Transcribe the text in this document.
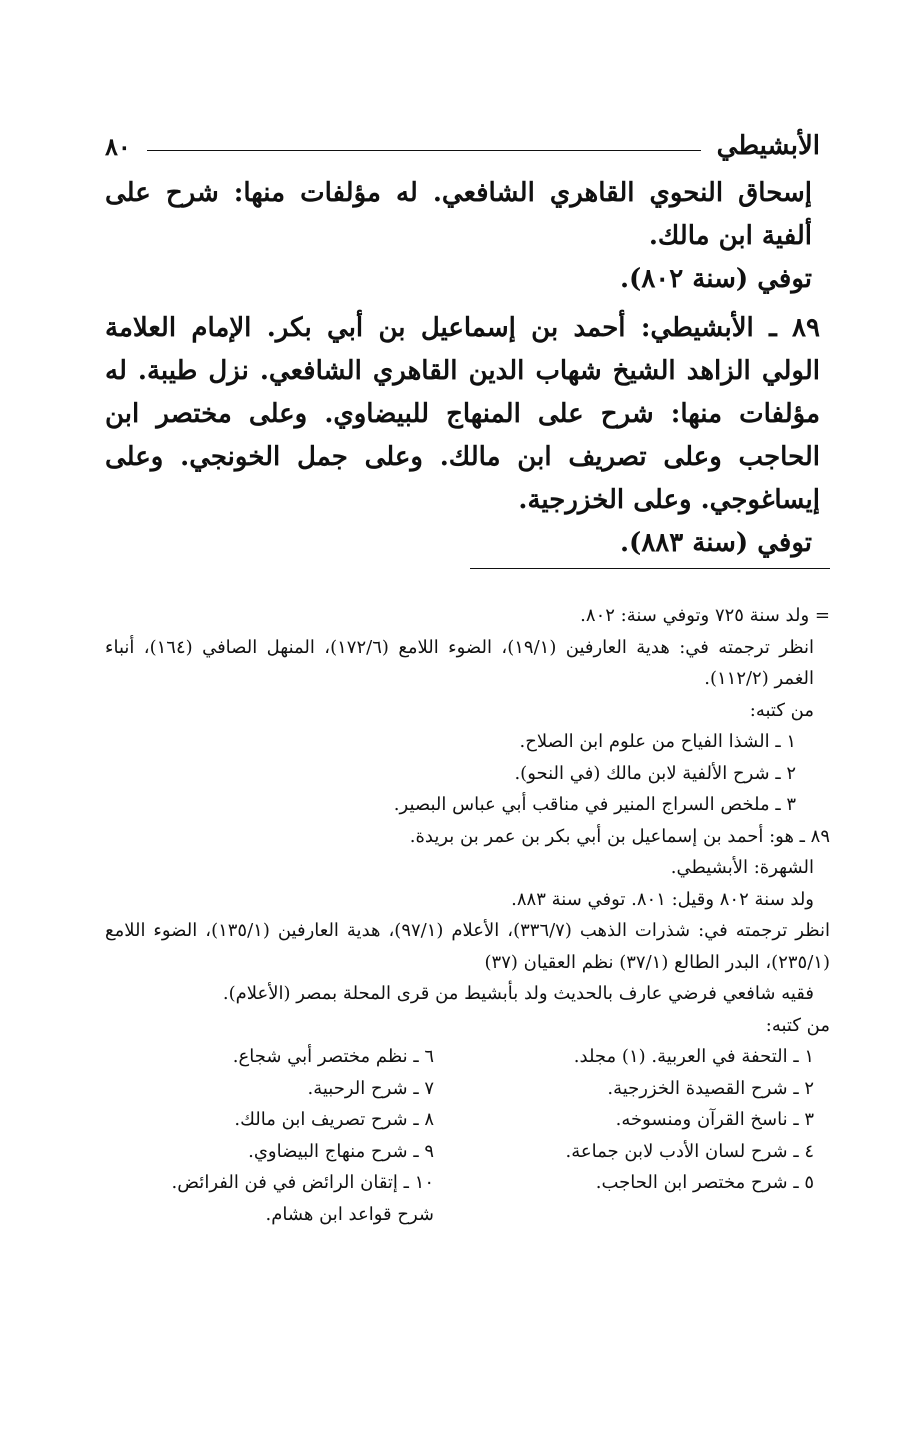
الأبشيطي
٨٠

إسحاق النحوي القاهري الشافعي. له مؤلفات منها: شرح على ألفية ابن مالك.

توفي (سنة ٨٠٢).

٨٩ ـ الأبشيطي: أحمد بن إسماعيل بن أبي بكر. الإمام العلامة الولي الزاهد الشيخ شهاب الدين القاهري الشافعي. نزل طيبة. له مؤلفات منها: شرح على المنهاج للبيضاوي. وعلى مختصر ابن الحاجب وعلى تصريف ابن مالك. وعلى جمل الخونجي. وعلى إيساغوجي. وعلى الخزرجية.

توفي (سنة ٨٨٣).

= ولد سنة ٧٢٥ وتوفي سنة: ٨٠٢.

انظر ترجمته في: هدية العارفين (١٩/١)، الضوء اللامع (١٧٢/٦)، المنهل الصافي (١٦٤)، أنباء الغمر (١١٢/٢).

من كتبه:

١ ـ الشذا الفياح من علوم ابن الصلاح.

٢ ـ شرح الألفية لابن مالك (في النحو).

٣ ـ ملخص السراج المنير في مناقب أبي عباس البصير.

٨٩ ـ هو: أحمد بن إسماعيل بن أبي بكر بن عمر بن بريدة.

الشهرة: الأبشيطي.

ولد سنة ٨٠٢ وقيل: ٨٠١. توفي سنة ٨٨٣.

انظر ترجمته في: شذرات الذهب (٣٣٦/٧)، الأعلام (٩٧/١)، هدية العارفين (١٣٥/١)، الضوء اللامع (٢٣٥/١)، البدر الطالع (٣٧/١) نظم العقيان (٣٧)

فقيه شافعي فرضي عارف بالحديث ولد بأبشيط من قرى المحلة بمصر (الأعلام).

من كتبه:

١ ـ التحفة في العربية. (١) مجلد.
٦ ـ نظم مختصر أبي شجاع.
٢ ـ شرح القصيدة الخزرجية.
٧ ـ شرح الرحبية.
٣ ـ ناسخ القرآن ومنسوخه.
٨ ـ شرح تصريف ابن مالك.
٤ ـ شرح لسان الأدب لابن جماعة.
٩ ـ شرح منهاج البيضاوي.
٥ ـ شرح مختصر ابن الحاجب.
١٠ ـ إتقان الرائض في فن الفرائض.
شرح قواعد ابن هشام.
